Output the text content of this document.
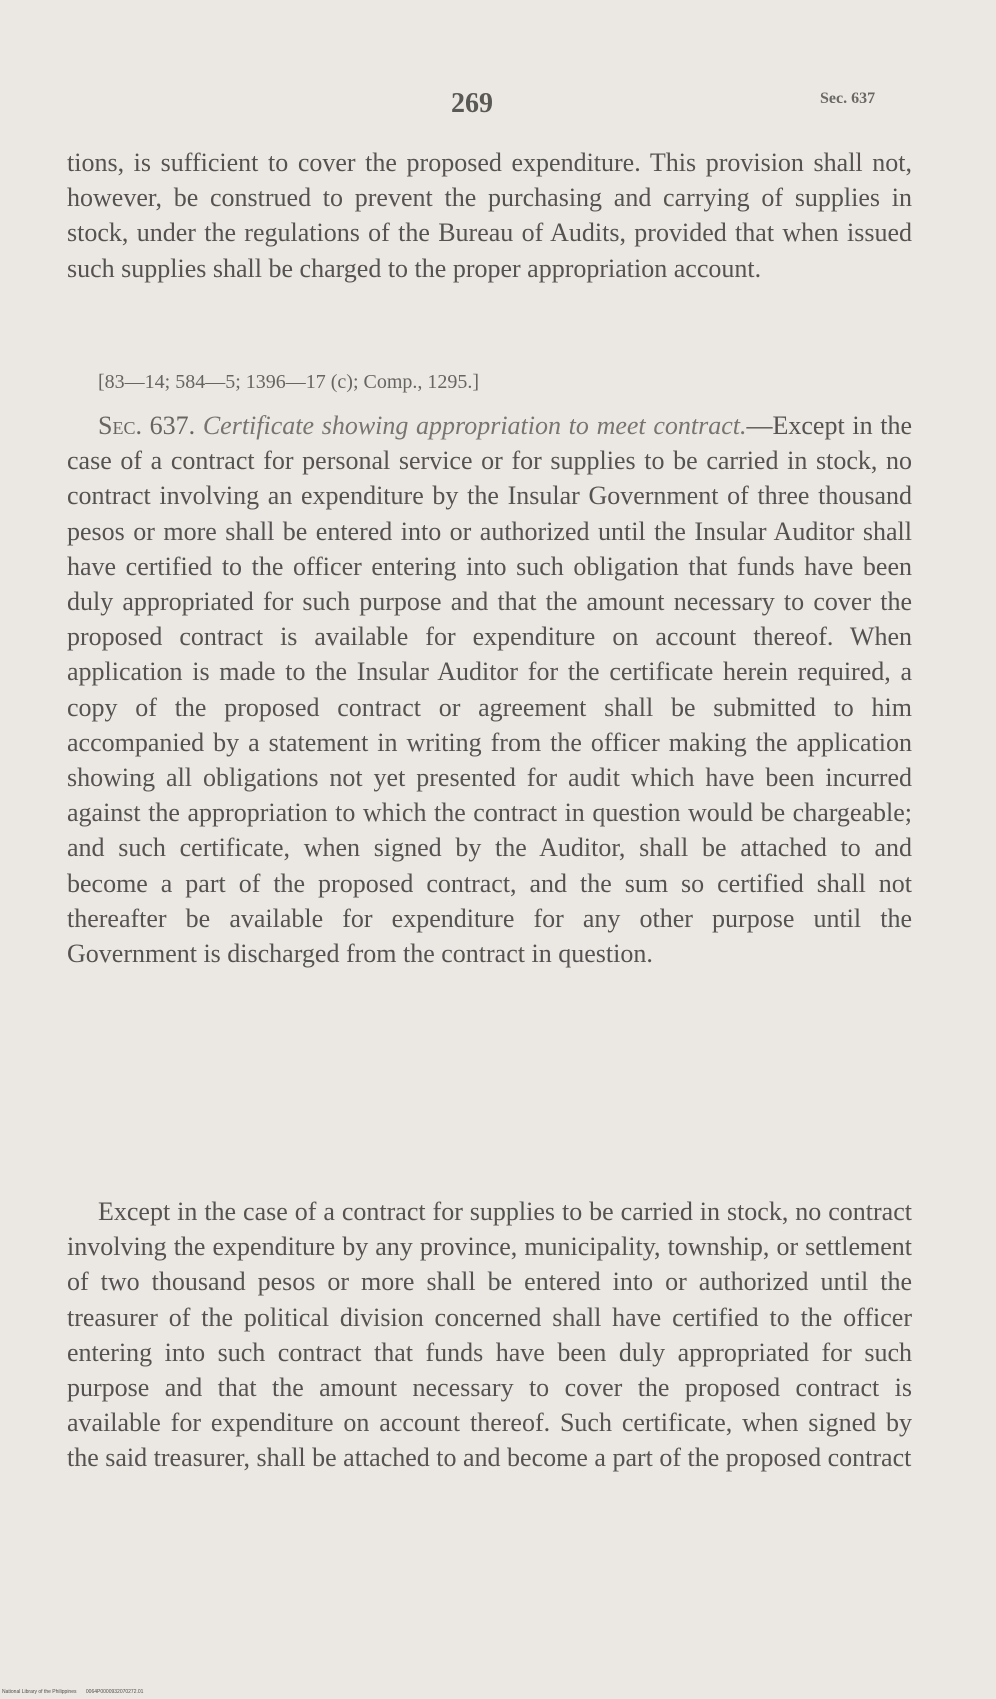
269	Sec. 637
tions, is sufficient to cover the proposed expenditure. This provision shall not, however, be construed to prevent the purchasing and carrying of supplies in stock, under the regulations of the Bureau of Audits, provided that when issued such supplies shall be charged to the proper appropriation account.
[83—14; 584—5; 1396—17 (c); Comp., 1295.]
Sec. 637. Certificate showing appropriation to meet contract.—Except in the case of a contract for personal service or for supplies to be carried in stock, no contract involving an expenditure by the Insular Government of three thousand pesos or more shall be entered into or authorized until the Insular Auditor shall have certified to the officer entering into such obligation that funds have been duly appropriated for such purpose and that the amount necessary to cover the proposed contract is available for expenditure on account thereof. When application is made to the Insular Auditor for the certificate herein required, a copy of the proposed contract or agreement shall be submitted to him accompanied by a statement in writing from the officer making the application showing all obligations not yet presented for audit which have been incurred against the appropriation to which the contract in question would be chargeable; and such certificate, when signed by the Auditor, shall be attached to and become a part of the proposed contract, and the sum so certified shall not thereafter be available for expenditure for any other purpose until the Government is discharged from the contract in question.
Except in the case of a contract for supplies to be carried in stock, no contract involving the expenditure by any province, municipality, township, or settlement of two thousand pesos or more shall be entered into or authorized until the treasurer of the political division concerned shall have certified to the officer entering into such contract that funds have been duly appropriated for such purpose and that the amount necessary to cover the proposed contract is available for expenditure on account thereof. Such certificate, when signed by the said treasurer, shall be attached to and become a part of the proposed contract
National Library of the Philippines 0064P0000932070272.01
